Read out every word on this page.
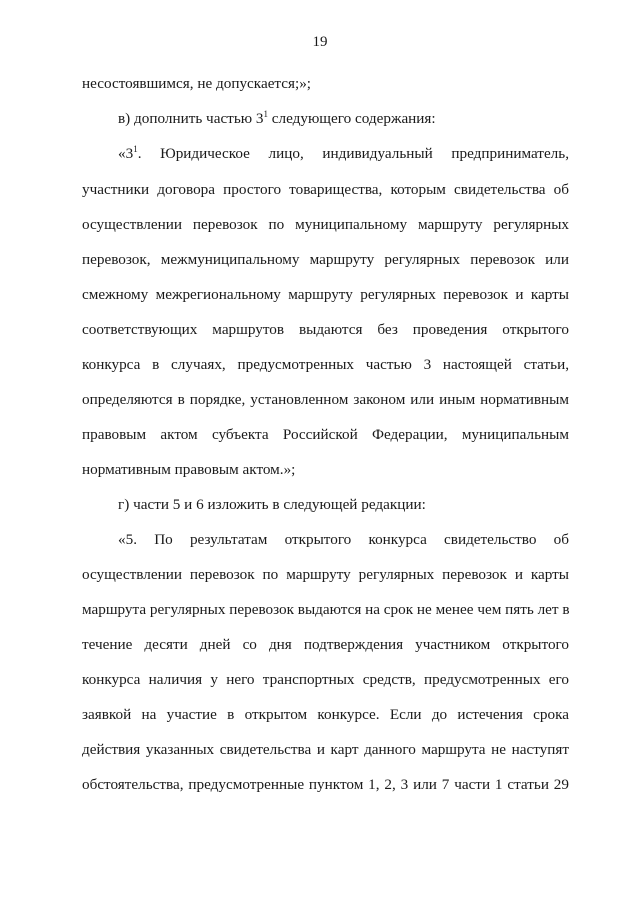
19
несостоявшимся, не допускается;»;
в) дополнить частью $3^1$ следующего содержания:
«$3^1$. Юридическое лицо, индивидуальный предприниматель,
участники договора простого товарищества, которым свидетельства об
осуществлении перевозок по муниципальному маршруту регулярных
перевозок, межмуниципальному маршруту регулярных перевозок или
смежному межрегиональному маршруту регулярных перевозок и карты
соответствующих маршрутов выдаются без проведения открытого
конкурса в случаях, предусмотренных частью 3 настоящей статьи,
определяются в порядке, установленном законом или иным нормативным
правовым актом субъекта Российской Федерации, муниципальным
нормативным правовым актом.»;
г) части 5 и 6 изложить в следующей редакции:
«5. По результатам открытого конкурса свидетельство об
осуществлении перевозок по маршруту регулярных перевозок и карты
маршрута регулярных перевозок выдаются на срок не менее чем пять лет в
течение десяти дней со дня подтверждения участником открытого
конкурса наличия у него транспортных средств, предусмотренных его
заявкой на участие в открытом конкурсе. Если до истечения срока
действия указанных свидетельства и карт данного маршрута не наступят
обстоятельства, предусмотренные пунктом 1, 2, 3 или 7 части 1 статьи 29
